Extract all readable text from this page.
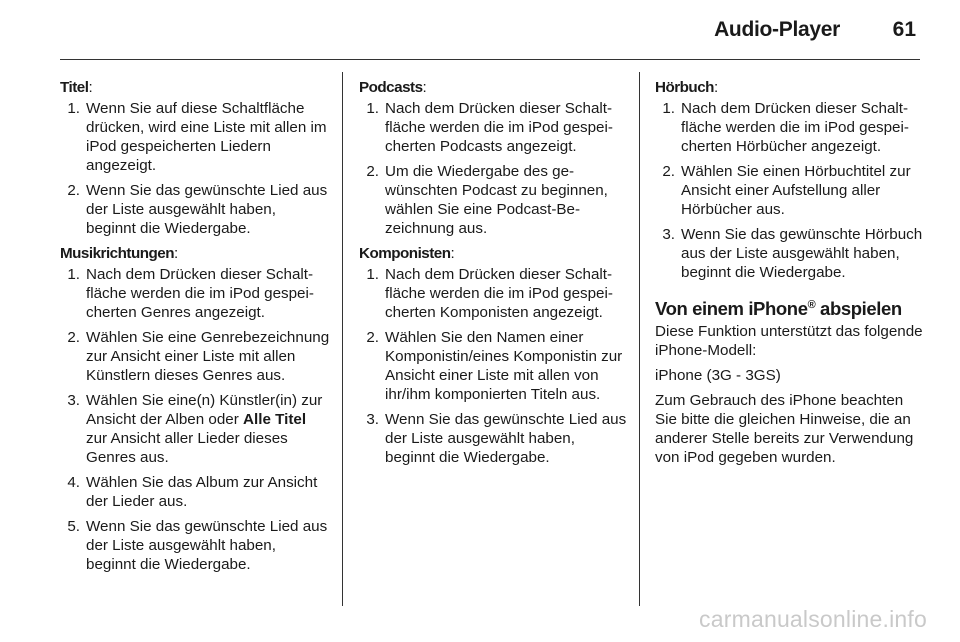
Audio-Player	61
Titel:
1. Wenn Sie auf diese Schaltfläche drücken, wird eine Liste mit allen im iPod gespeicherten Liedern angezeigt.
2. Wenn Sie das gewünschte Lied aus der Liste ausgewählt haben, beginnt die Wiedergabe.
Musikrichtungen:
1. Nach dem Drücken dieser Schaltfläche werden die im iPod gespeicherten Genres angezeigt.
2. Wählen Sie eine Genrebezeichnung zur Ansicht einer Liste mit allen Künstlern dieses Genres aus.
3. Wählen Sie eine(n) Künstler(in) zur Ansicht der Alben oder Alle Titel zur Ansicht aller Lieder dieses Genres aus.
4. Wählen Sie das Album zur Ansicht der Lieder aus.
5. Wenn Sie das gewünschte Lied aus der Liste ausgewählt haben, beginnt die Wiedergabe.
Podcasts:
1. Nach dem Drücken dieser Schaltfläche werden die im iPod gespeicherten Podcasts angezeigt.
2. Um die Wiedergabe des gewünschten Podcast zu beginnen, wählen Sie eine Podcast-Bezeichnung aus.
Komponisten:
1. Nach dem Drücken dieser Schaltfläche werden die im iPod gespeicherten Komponisten angezeigt.
2. Wählen Sie den Namen einer Komponistin/eines Komponistin zur Ansicht einer Liste mit allen von ihr/ihm komponierten Titeln aus.
3. Wenn Sie das gewünschte Lied aus der Liste ausgewählt haben, beginnt die Wiedergabe.
Hörbuch:
1. Nach dem Drücken dieser Schaltfläche werden die im iPod gespeicherten Hörbücher angezeigt.
2. Wählen Sie einen Hörbuchtitel zur Ansicht einer Aufstellung aller Hörbücher aus.
3. Wenn Sie das gewünschte Hörbuch aus der Liste ausgewählt haben, beginnt die Wiedergabe.
Von einem iPhone® abspielen

Diese Funktion unterstützt das folgende iPhone-Modell:

iPhone (3G - 3GS)

Zum Gebrauch des iPhone beachten Sie bitte die gleichen Hinweise, die an anderer Stelle bereits zur Verwendung von iPod gegeben wurden.

carmanualsonline.info
